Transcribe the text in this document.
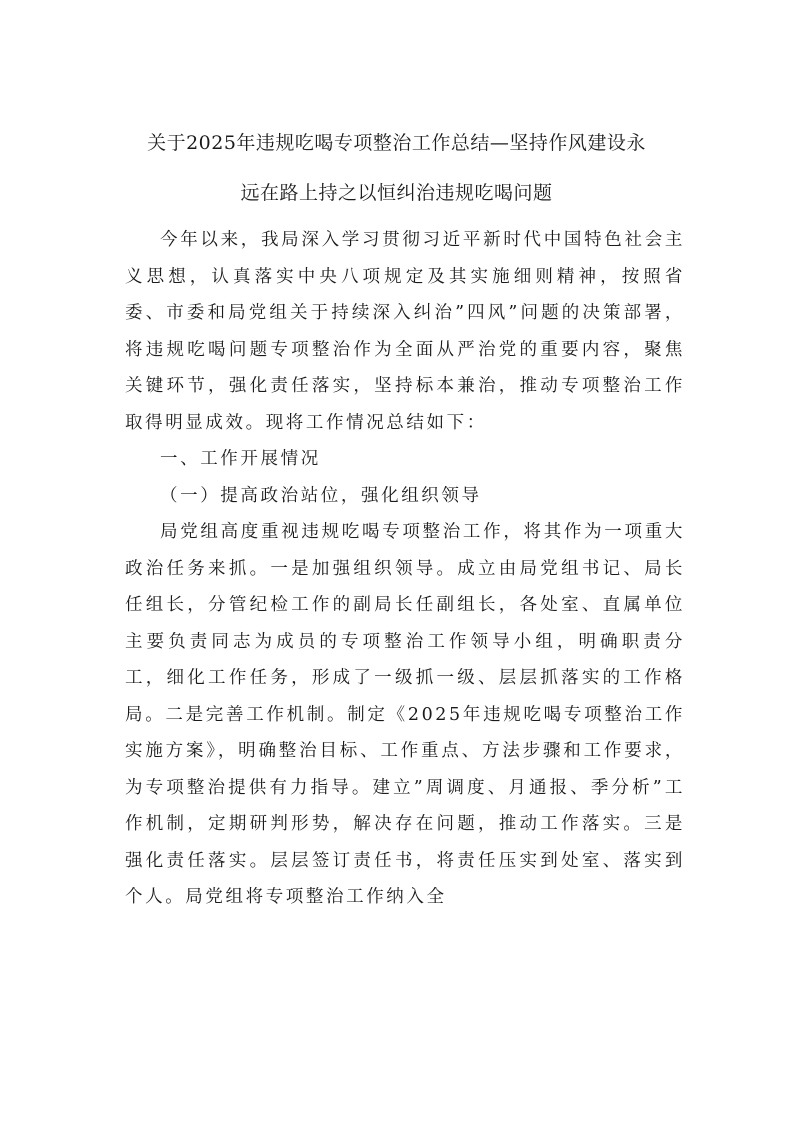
关于2025年违规吃喝专项整治工作总结—坚持作风建设永
远在路上持之以恒纠治违规吃喝问题

今年以来，我局深入学习贯彻习近平新时代中国特色社会主义思想，认真落实中央八项规定及其实施细则精神，按照省委、市委和局党组关于持续深入纠治”四风”问题的决策部署，将违规吃喝问题专项整治作为全面从严治党的重要内容，聚焦关键环节，强化责任落实，坚持标本兼治，推动专项整治工作取得明显成效。现将工作情况总结如下：

一、工作开展情况

（一）提高政治站位，强化组织领导

局党组高度重视违规吃喝专项整治工作，将其作为一项重大政治任务来抓。一是加强组织领导。成立由局党组书记、局长任组长，分管纪检工作的副局长任副组长，各处室、直属单位主要负责同志为成员的专项整治工作领导小组，明确职责分工，细化工作任务，形成了一级抓一级、层层抓落实的工作格局。二是完善工作机制。制定《2025年违规吃喝专项整治工作实施方案》，明确整治目标、工作重点、方法步骤和工作要求，为专项整治提供有力指导。建立”周调度、月通报、季分析”工作机制，定期研判形势，解决存在问题，推动工作落实。三是强化责任落实。层层签订责任书，将责任压实到处室、落实到个人。局党组将专项整治工作纳入全
